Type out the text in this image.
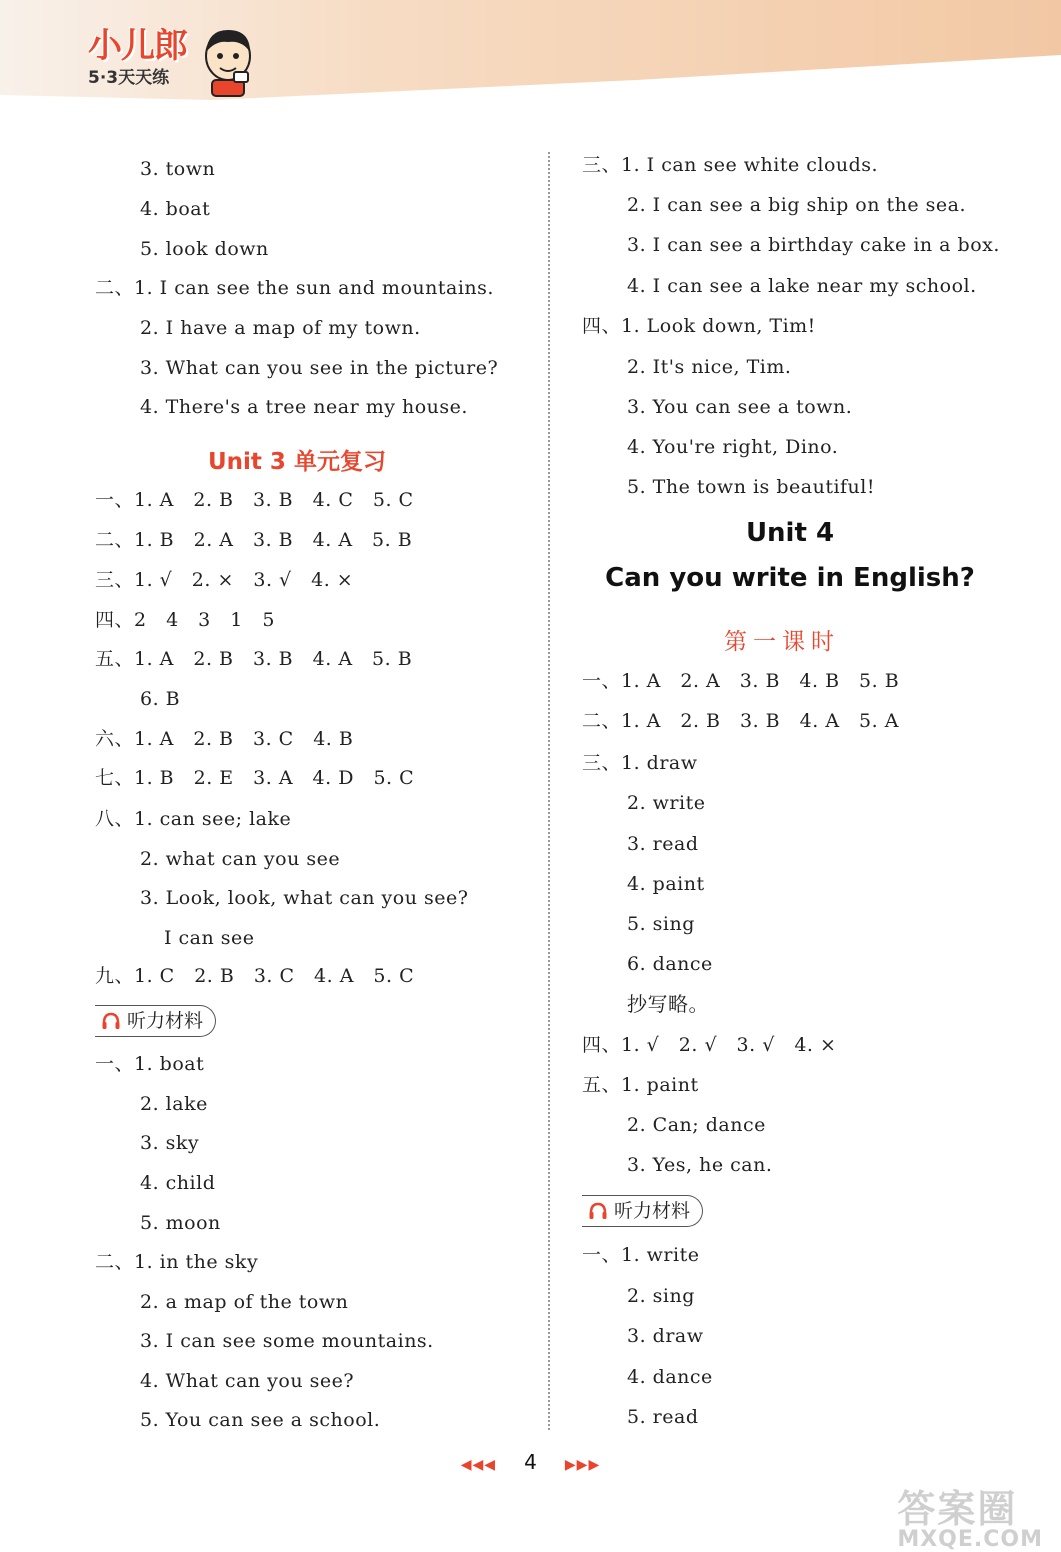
小儿郎
5·3天天练
3. town
4. boat
5. look down
二、1. I can see the sun and mountains.
2. I have a map of my town.
3. What can you see in the picture?
4. There's a tree near my house.
Unit 3 单元复习
一、1. A　2. B　3. B　4. C　5. C
二、1. B　2. A　3. B　4. A　5. B
三、1. √　2. ×　3. √　4. ×
四、2　4　3　1　5
五、1. A　2. B　3. B　4. A　5. B
6. B
六、1. A　2. B　3. C　4. B
七、1. B　2. E　3. A　4. D　5. C
八、1. can see; lake
2. what can you see
3. Look, look, what can you see?
I can see
九、1. C　2. B　3. C　4. A　5. C
听力材料
一、1. boat
2. lake
3. sky
4. child
5. moon
二、1. in the sky
2. a map of the town
3. I can see some mountains.
4. What can you see?
5. You can see a school.
三、1. I can see white clouds.
2. I can see a big ship on the sea.
3. I can see a birthday cake in a box.
4. I can see a lake near my school.
四、1. Look down, Tim!
2. It's nice, Tim.
3. You can see a town.
4. You're right, Dino.
5. The town is beautiful!
Unit 4
Can you write in English?
第一课时
一、1. A　2. A　3. B　4. B　5. B
二、1. A　2. B　3. B　4. A　5. A
三、1. draw
2. write
3. read
4. paint
5. sing
6. dance
抄写略。
四、1. √　2. √　3. √　4. ×
五、1. paint
2. Can; dance
3. Yes, he can.
听力材料
一、1. write
2. sing
3. draw
4. dance
5. read
◀◀◀ 4 ▶▶▶
答案圈
MXQE.COM
